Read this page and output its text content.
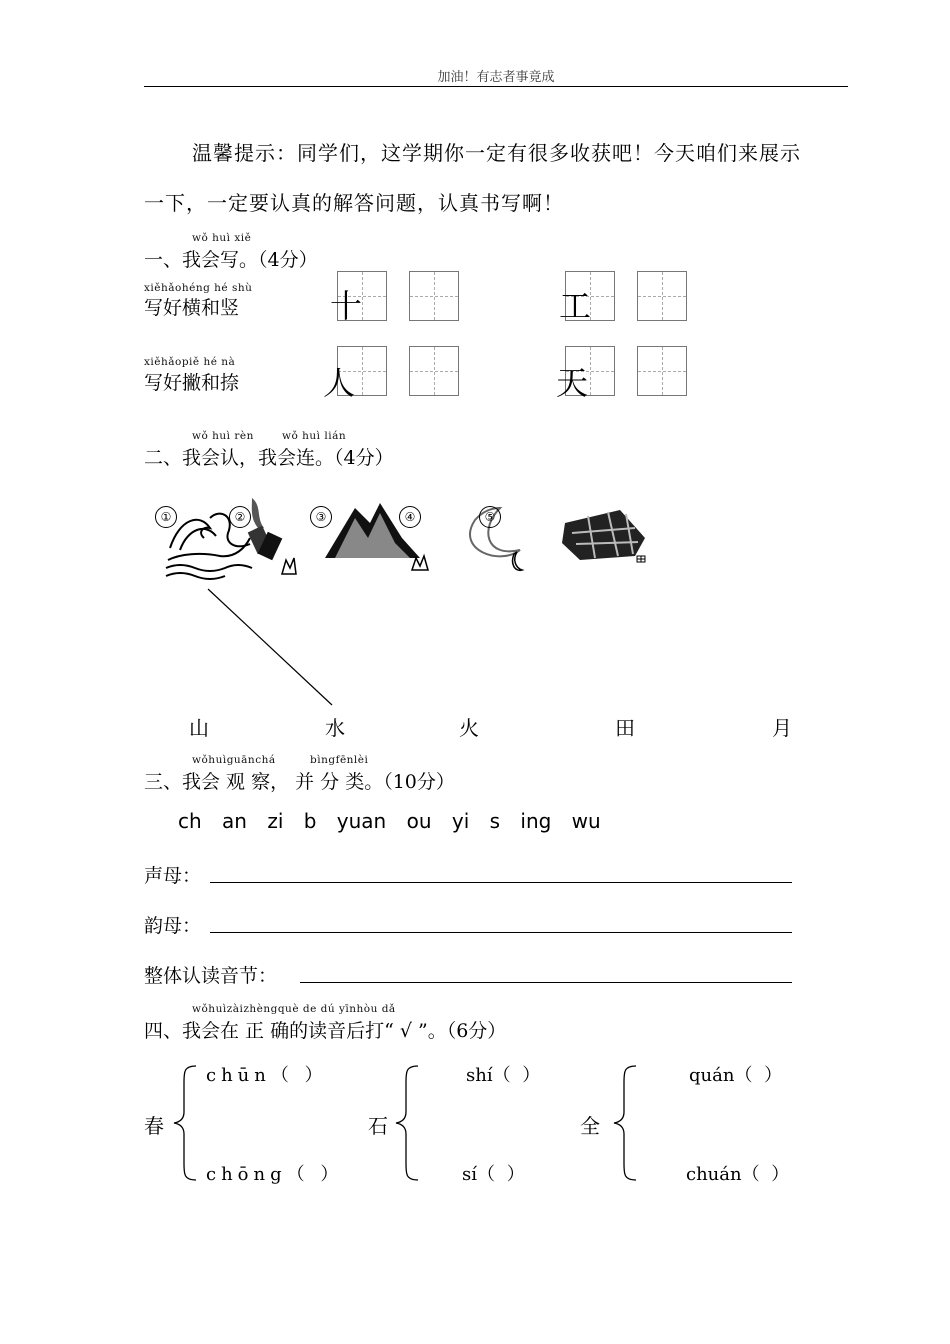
加油！有志者事竟成
温馨提示：同学们，这学期你一定有很多收获吧！今天咱们来展示
一下，一定要认真的解答问题，认真书写啊！
wǒ huì xiě
一、我会写。（4分）
xiěhǎohéng hé shù
写好横和竖
xiěhǎopiě hé nà
写好撇和捺
十	工
人	天
wǒ huì rèn	wǒ huì lián
二、我会认，我会连。（4分）
①	②	③	④	⑤
山	水	火	田	月
wǒhuìguānchá	bìngfēnlèi
三、我会 观 察， 并 分 类。（10分）
ch an zi b yuan ou yi s ing wu
声母：
韵母：
整体认读音节：
wǒhuìzàizhèngquè de dú yīnhòu dǎ
四、我会在 正 确的读音后打“ √ ”。（6分）
春
chūn（ ）
chōng（ ）
石
shí（ ）
sí（ ）
全
quán（ ）
chuán（ ）
